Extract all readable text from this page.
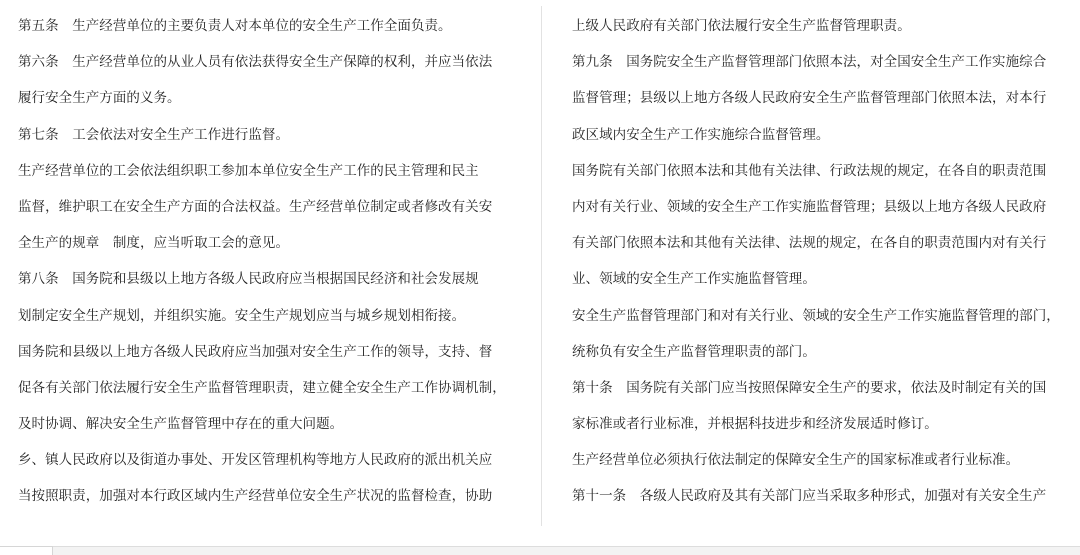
第五条　生产经营单位的主要负责人对本单位的安全生产工作全面负责。
第六条　生产经营单位的从业人员有依法获得安全生产保障的权利，并应当依法
履行安全生产方面的义务。
第七条　工会依法对安全生产工作进行监督。
生产经营单位的工会依法组织职工参加本单位安全生产工作的民主管理和民主
监督，维护职工在安全生产方面的合法权益。生产经营单位制定或者修改有关安
全生产的规章　制度，应当听取工会的意见。
第八条　国务院和县级以上地方各级人民政府应当根据国民经济和社会发展规
划制定安全生产规划，并组织实施。安全生产规划应当与城乡规划相衔接。
国务院和县级以上地方各级人民政府应当加强对安全生产工作的领导，支持、督
促各有关部门依法履行安全生产监督管理职责，建立健全安全生产工作协调机制，
及时协调、解决安全生产监督管理中存在的重大问题。
乡、镇人民政府以及街道办事处、开发区管理机构等地方人民政府的派出机关应
当按照职责，加强对本行政区域内生产经营单位安全生产状况的监督检查，协助
上级人民政府有关部门依法履行安全生产监督管理职责。
第九条　国务院安全生产监督管理部门依照本法，对全国安全生产工作实施综合
监督管理；县级以上地方各级人民政府安全生产监督管理部门依照本法，对本行
政区域内安全生产工作实施综合监督管理。
国务院有关部门依照本法和其他有关法律、行政法规的规定，在各自的职责范围
内对有关行业、领域的安全生产工作实施监督管理；县级以上地方各级人民政府
有关部门依照本法和其他有关法律、法规的规定，在各自的职责范围内对有关行
业、领域的安全生产工作实施监督管理。
安全生产监督管理部门和对有关行业、领域的安全生产工作实施监督管理的部门，
统称负有安全生产监督管理职责的部门。
第十条　国务院有关部门应当按照保障安全生产的要求，依法及时制定有关的国
家标准或者行业标准，并根据科技进步和经济发展适时修订。
生产经营单位必须执行依法制定的保障安全生产的国家标准或者行业标准。
第十一条　各级人民政府及其有关部门应当采取多种形式，加强对有关安全生产
